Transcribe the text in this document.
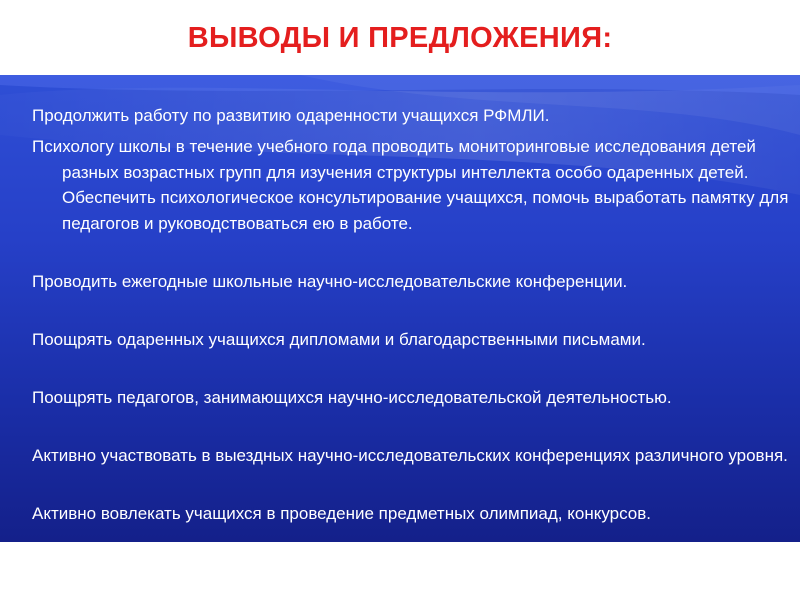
ВЫВОДЫ И ПРЕДЛОЖЕНИЯ:

Продолжить работу по развитию одаренности учащихся РФМЛИ.

Психологу школы в течение учебного года проводить мониторинговые исследования детей разных возрастных групп для изучения структуры интеллекта особо одаренных детей. Обеспечить психологическое консультирование учащихся, помочь выработать памятку для педагогов и руководствоваться ею в работе.

Проводить ежегодные школьные научно-исследовательские конференции.

Поощрять одаренных учащихся дипломами и благодарственными письмами.

Поощрять педагогов, занимающихся научно-исследовательской деятельностью.

Активно участвовать в выездных научно-исследовательских конференциях различного уровня.

Активно вовлекать учащихся в проведение предметных олимпиад, конкурсов.
